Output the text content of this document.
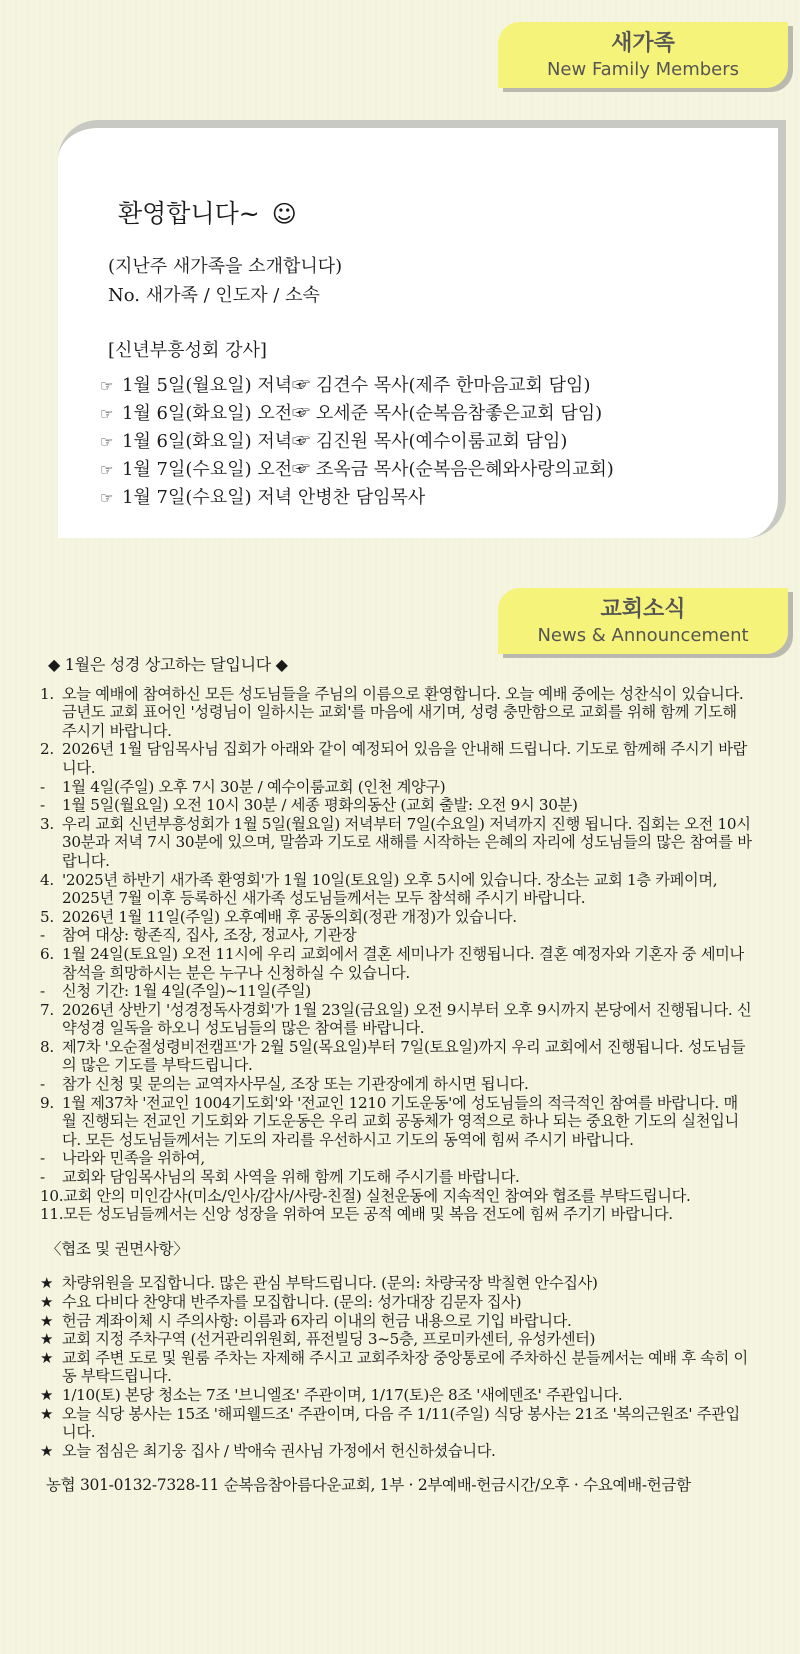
새가족
New Family Members
환영합니다~ ☺
(지난주 새가족을 소개합니다)
No. 새가족 / 인도자 / 소속
[신년부흥성회 강사]
☞ 1월 5일(월요일) 저녁☞ 김견수 목사(제주 한마음교회 담임)
☞ 1월 6일(화요일) 오전☞ 오세준 목사(순복음참좋은교회 담임)
☞ 1월 6일(화요일) 저녁☞ 김진원 목사(예수이룸교회 담임)
☞ 1월 7일(수요일) 오전☞ 조옥금 목사(순복음은혜와사랑의교회)
☞ 1월 7일(수요일) 저녁 안병찬 담임목사
교회소식
News & Announcement
◆ 1월은 성경 상고하는 달입니다 ◆
1. 오늘 예배에 참여하신 모든 성도님들을 주님의 이름으로 환영합니다. 오늘 예배 중에는 성찬식이 있습니다. 금년도 교회 표어인 '성령님이 일하시는 교회'를 마음에 새기며, 성령 충만함으로 교회를 위해 함께 기도해 주시기 바랍니다.
2. 2026년 1월 담임목사님 집회가 아래와 같이 예정되어 있음을 안내해 드립니다. 기도로 함께해 주시기 바랍니다.
-	1월 4일(주일) 오후 7시 30분 / 예수이룸교회 (인천 계양구)
-	1월 5일(월요일) 오전 10시 30분 / 세종 평화의동산 (교회 출발: 오전 9시 30분)
3. 우리 교회 신년부흥성회가 1월 5일(월요일) 저녁부터 7일(수요일) 저녁까지 진행 됩니다. 집회는 오전 10시 30분과 저녁 7시 30분에 있으며, 말씀과 기도로 새해를 시작하는 은혜의 자리에 성도님들의 많은 참여를 바랍니다.
4. '2025년 하반기 새가족 환영회'가 1월 10일(토요일) 오후 5시에 있습니다. 장소는 교회 1층 카페이며, 2025년 7월 이후 등록하신 새가족 성도님들께서는 모두 참석해 주시기 바랍니다.
5. 2026년 1월 11일(주일) 오후예배 후 공동의회(정관 개정)가 있습니다.
-	참여 대상: 항존직, 집사, 조장, 정교사, 기관장
6. 1월 24일(토요일) 오전 11시에 우리 교회에서 결혼 세미나가 진행됩니다. 결혼 예정자와 기혼자 중 세미나 참석을 희망하시는 분은 누구나 신청하실 수 있습니다.
-	신청 기간: 1월 4일(주일)~11일(주일)
7. 2026년 상반기 '성경정독사경회'가 1월 23일(금요일) 오전 9시부터 오후 9시까지 본당에서 진행됩니다. 신약성경 일독을 하오니 성도님들의 많은 참여를 바랍니다.
8. 제7차 '오순절성령비전캠프'가 2월 5일(목요일)부터 7일(토요일)까지 우리 교회에서 진행됩니다. 성도님들의 많은 기도를 부탁드립니다.
-	참가 신청 및 문의는 교역자사무실, 조장 또는 기관장에게 하시면 됩니다.
9. 1월 제37차 '전교인 1004기도회'와 '전교인 1210 기도운동'에 성도님들의 적극적인 참여를 바랍니다. 매월 진행되는 전교인 기도회와 기도운동은 우리 교회 공동체가 영적으로 하나 되는 중요한 기도의 실천입니다. 모든 성도님들께서는 기도의 자리를 우선하시고 기도의 동역에 힘써 주시기 바랍니다.
-	나라와 민족을 위하여,
-	교회와 담임목사님의 목회 사역을 위해 함께 기도해 주시기를 바랍니다.
10. 교회 안의 미인감사(미소/인사/감사/사랑-친절) 실천운동에 지속적인 참여와 협조를 부탁드립니다.
11. 모든 성도님들께서는 신앙 성장을 위하여 모든 공적 예배 및 복음 전도에 힘써 주기기 바랍니다.
〈협조 및 권면사항〉
★ 차량위원을 모집합니다. 많은 관심 부탁드립니다. (문의: 차량국장 박칠현 안수집사)
★ 수요 다비다 찬양대 반주자를 모집합니다. (문의: 성가대장 김문자 집사)
★ 헌금 계좌이체 시 주의사항: 이름과 6자리 이내의 헌금 내용으로 기입 바랍니다.
★ 교회 지정 주차구역 (선거관리위원회, 퓨전빌딩 3~5층, 프로미카센터, 유성카센터)
★ 교회 주변 도로 및 원룸 주차는 자제해 주시고 교회주차장 중앙통로에 주차하신 분들께서는 예배 후 속히 이동 부탁드립니다.
★ 1/10(토) 본당 청소는 7조 '브니엘조' 주관이며, 1/17(토)은 8조 '새에덴조' 주관입니다.
★ 오늘 식당 봉사는 15조 '해피웰드조' 주관이며, 다음 주 1/11(주일) 식당 봉사는 21조 '복의근원조' 주관입니다.
★ 오늘 점심은 최기웅 집사 / 박애숙 권사님 가정에서 헌신하셨습니다.
농협 301-0132-7328-11 순복음참아름다운교회, 1부 · 2부예배-헌금시간/오후 · 수요예배-헌금함
